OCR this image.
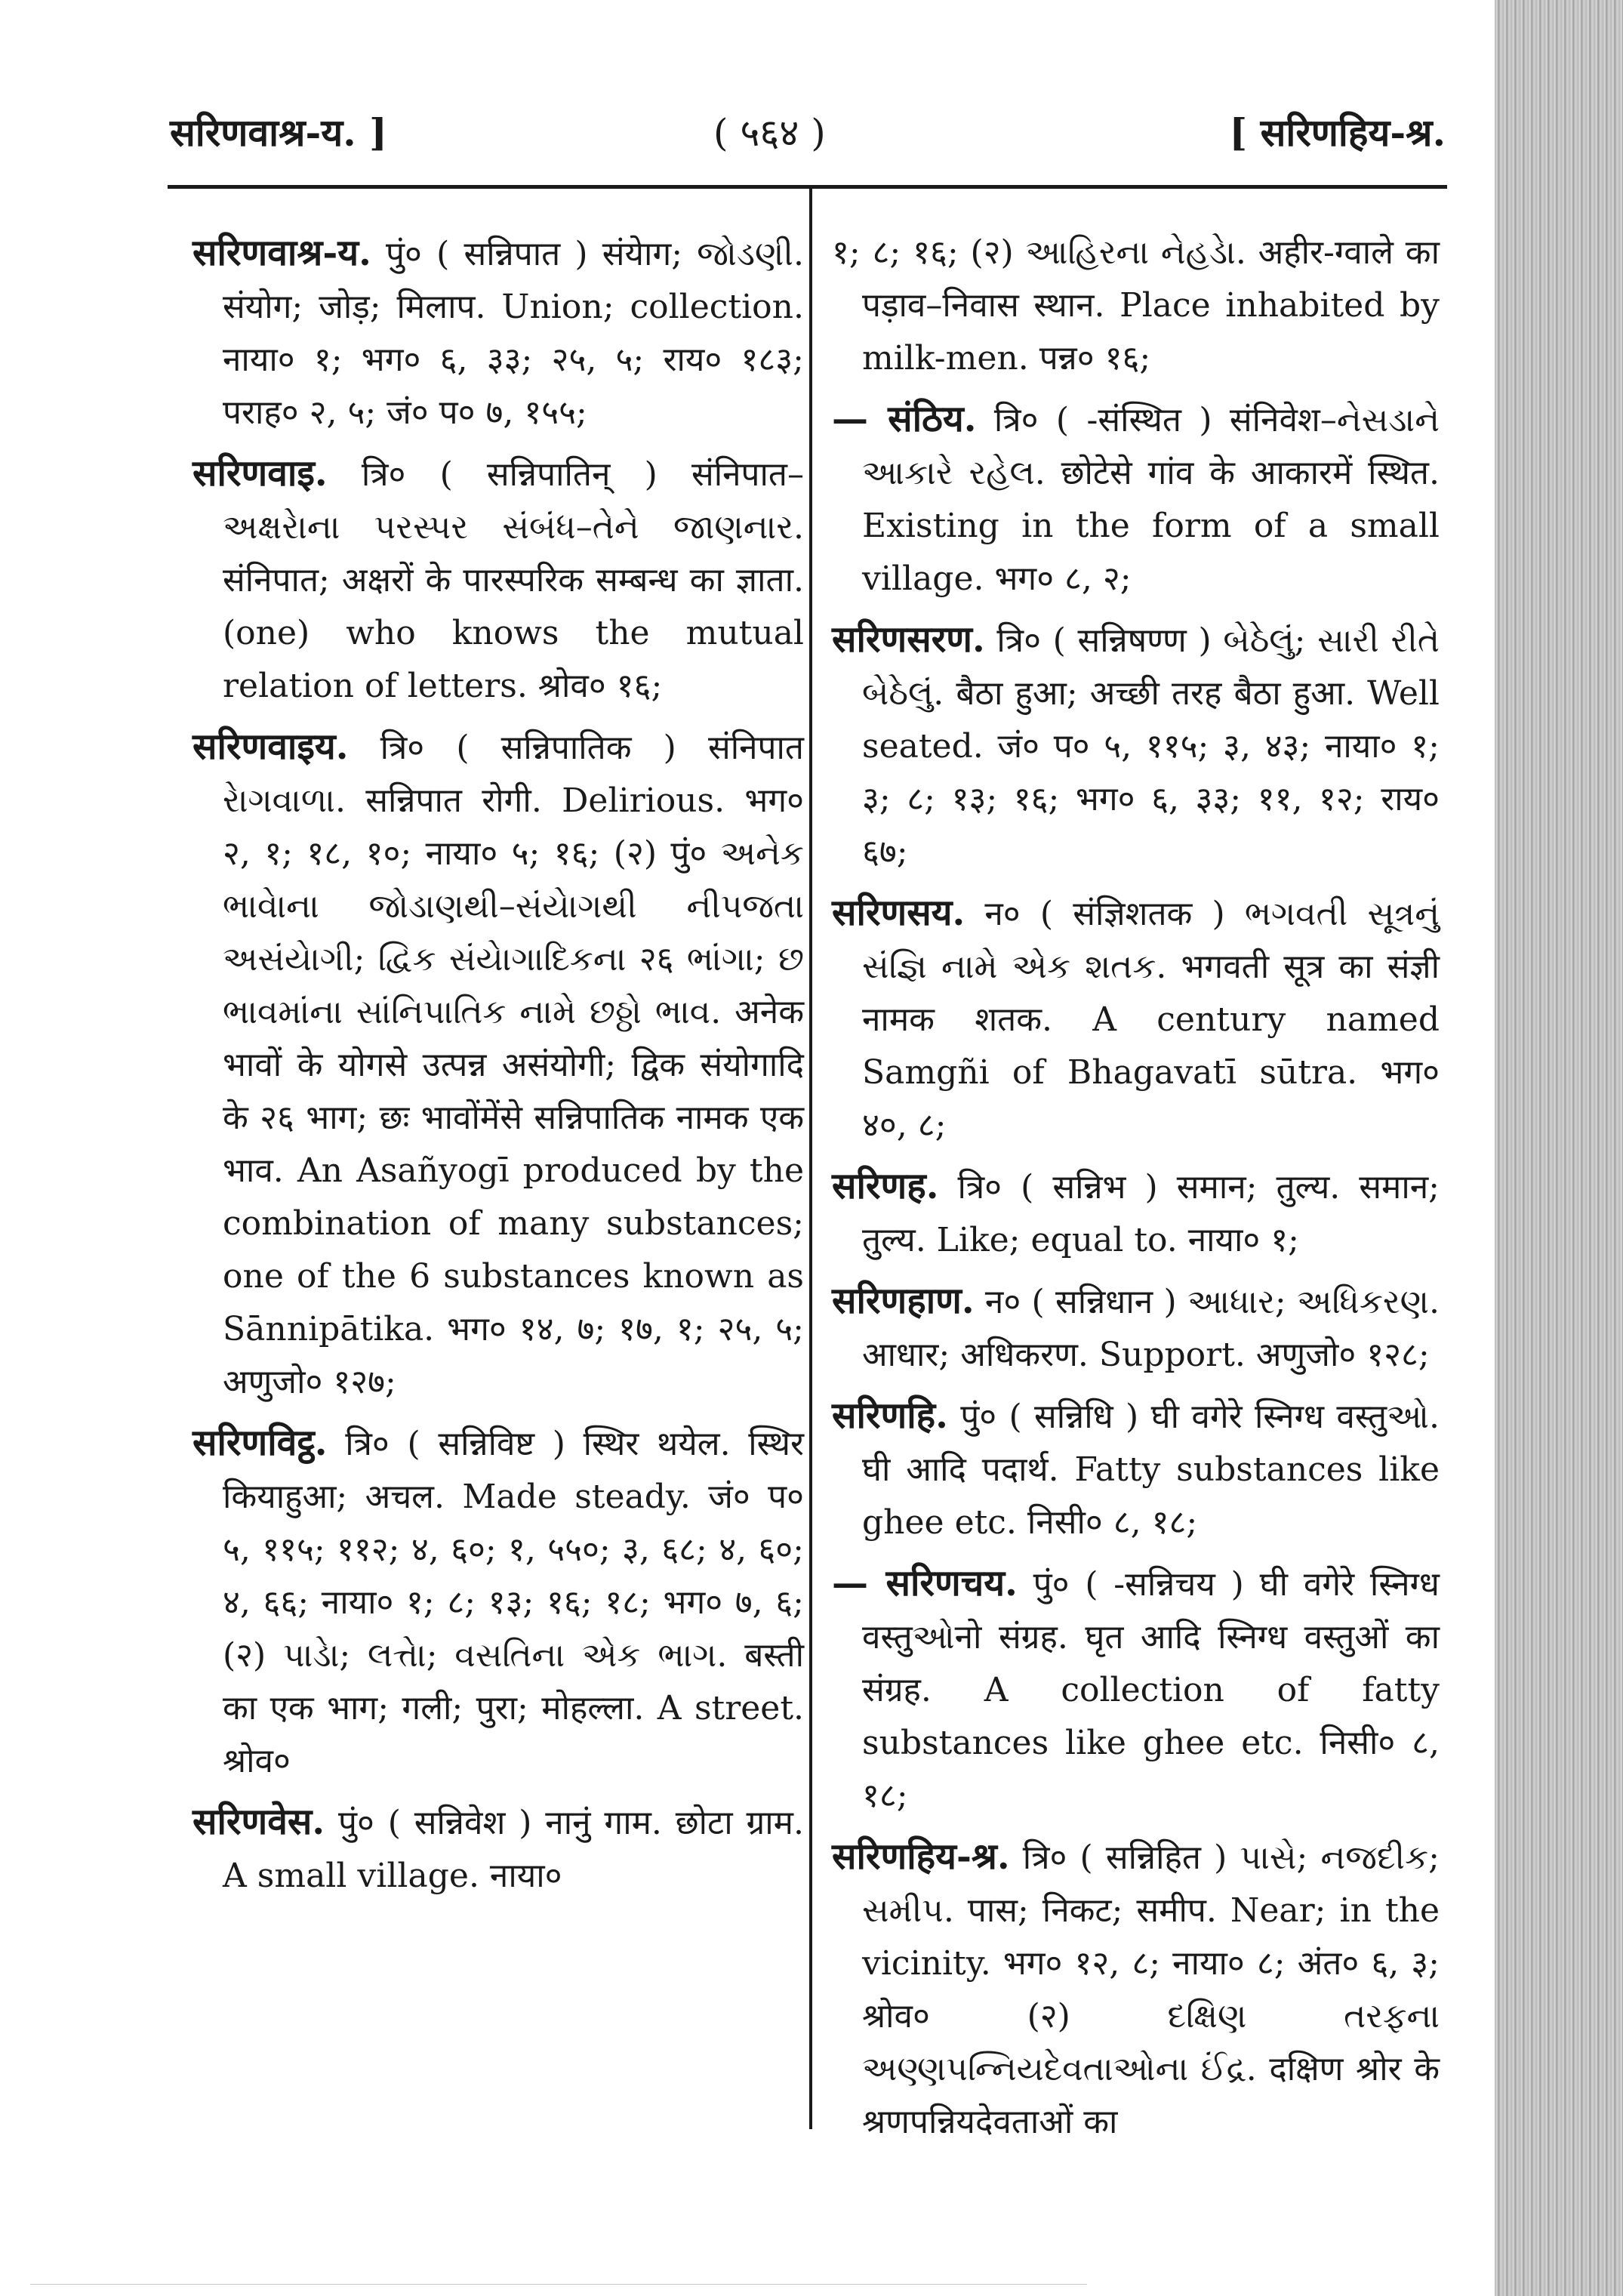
सरिणवाश्र-य. ]	( ५६४ )	[ सरिणहिय-श्र.

सरिणवाश्र-य. पुं० ( सन्निपात ) संयेाग; જોડણી. संयोग; जोड़; मिलाप. Union; collection. नाया० १; भग० ६, ३३; २५, ५; राय० १८३; पराह० २, ५; जं० प० ७, १५५;

सरिणवाइ. त्रि० ( सन्निपातिन् ) संनिपात– અક્ષરેાના પરસ્પર સંબંધ–તેને જાણનાર. संनिपात; अक्षरों के पारस्परिक सम्बन्ध का ज्ञाता. (one) who knows the mutual relation of letters. श्रोव० १६;

सरिणवाइय. त्रि० ( सन्निपातिक ) संनिपात રેાગવાળા. सन्निपात रोगी. Delirious. भग० २, १; १८, १०; नाया० ५; १६; (२) पुं० અનેક ભાવેાના જોડાણથી–સંયેાગથી નીપજતા અસંયેાગી; દ્વિક સંયેાગાદિકના २६ ભાંગા; છ ભાવમાંના સાંનિપાતિક નામે છઠ્ઠો ભાવ. अनेक भावों के योगसे उत्पन्न असंयोगी; द्विक संयोगादि के २६ भाग; छः भावोंमेंसे सन्निपातिक नामक एक भाव. An Asañyogī produced by the combination of many substances; one of the 6 substances known as Sānnipātika. भग० १४, ७; १७, १; २५, ५; अणुजो० १२७;

सरिणविट्ठ. त्रि० ( सन्निविष्ट ) स्थिर थयेल. स्थिर कियाहुआ; अचल. Made steady. जं० प० ५, ११५; ११२; ४, ६०; १, ५५०; ३, ६८; ४, ६०; ४, ६६; नाया० १; ८; १३; १६; १८; भग० ७, ६; (२) પાડેા; લત્તેા; વસતિના એક ભાગ. बस्ती का एक भाग; गली; पुरा; मोहल्ला. A street. श्रोव०

सरिणवेस. पुं० ( सन्निवेश ) नानुं गाम. छोटा ग्राम. A small village. नाया०

१; ८; १६; (२) આહિરના નેહડેા. अहीर-ग्वाले का पड़ाव–निवास स्थान. Place inhabited by milk-men. पन्न० १६;

— संठिय. त्रि० ( -संस्थित ) संनिवेश–નેસડાને આકારે રહેલ. छोटेसे गांव के आकारमें स्थित. Existing in the form of a small village. भग० ८, २;

सरिणसरण. त्रि० ( सन्निषण्ण ) બેઠેલું; સારી રીતે બેઠેલું. बैठा हुआ; अच्छी तरह बैठा हुआ. Well seated. जं० प० ५, ११५; ३, ४३; नाया० १; ३; ८; १३; १६; भग० ६, ३३; ११, १२; राय० ६७;

सरिणसय. न० ( संज्ञिशतक ) ભગવતી સૂત્રનું સંજ્ઞિ નામે એક શતક. भगवती सूत्र का संज्ञी नामक शतक. A century named Samgñi of Bhagavatī sūtra. भग० ४०, ८;

सरिणह. त्रि० ( सन्निभ ) समान; तुल्य. समान; तुल्य. Like; equal to. नाया० १;

सरिणहाण. न० ( सन्निधान ) આધાર; અધિકરણ. आधार; अधिकरण. Support. अणुजो० १२८;

सरिणहि. पुं० ( सन्निधि ) घी वगेरे स्निग्ध वस्तुઓ. घी आदि पदार्थ. Fatty substances like ghee etc. निसी० ८, १८;

— सरिणचय. पुं० ( -सन्निचय ) घी वगेरे स्निग्ध वस्तुઓनो संग्रह. घृत आदि स्निग्ध वस्तुओं का संग्रह. A collection of fatty substances like ghee etc. निसी० ८, १८;

सरिणहिय-श्र. त्रि० ( सन्निहित ) પાસે; નજદીક; સમીપ. पास; निकट; समीप. Near; in the vicinity. भग० १२, ८; नाया० ८; अंत० ६, ३; श्रोव० (२) દક્ષિણ તરફના અણ્ણપન્નિયદેવતાઓના ઈંદ્ર. दक्षिण श्रोर के श्रणपन्नियदेवताओं का
